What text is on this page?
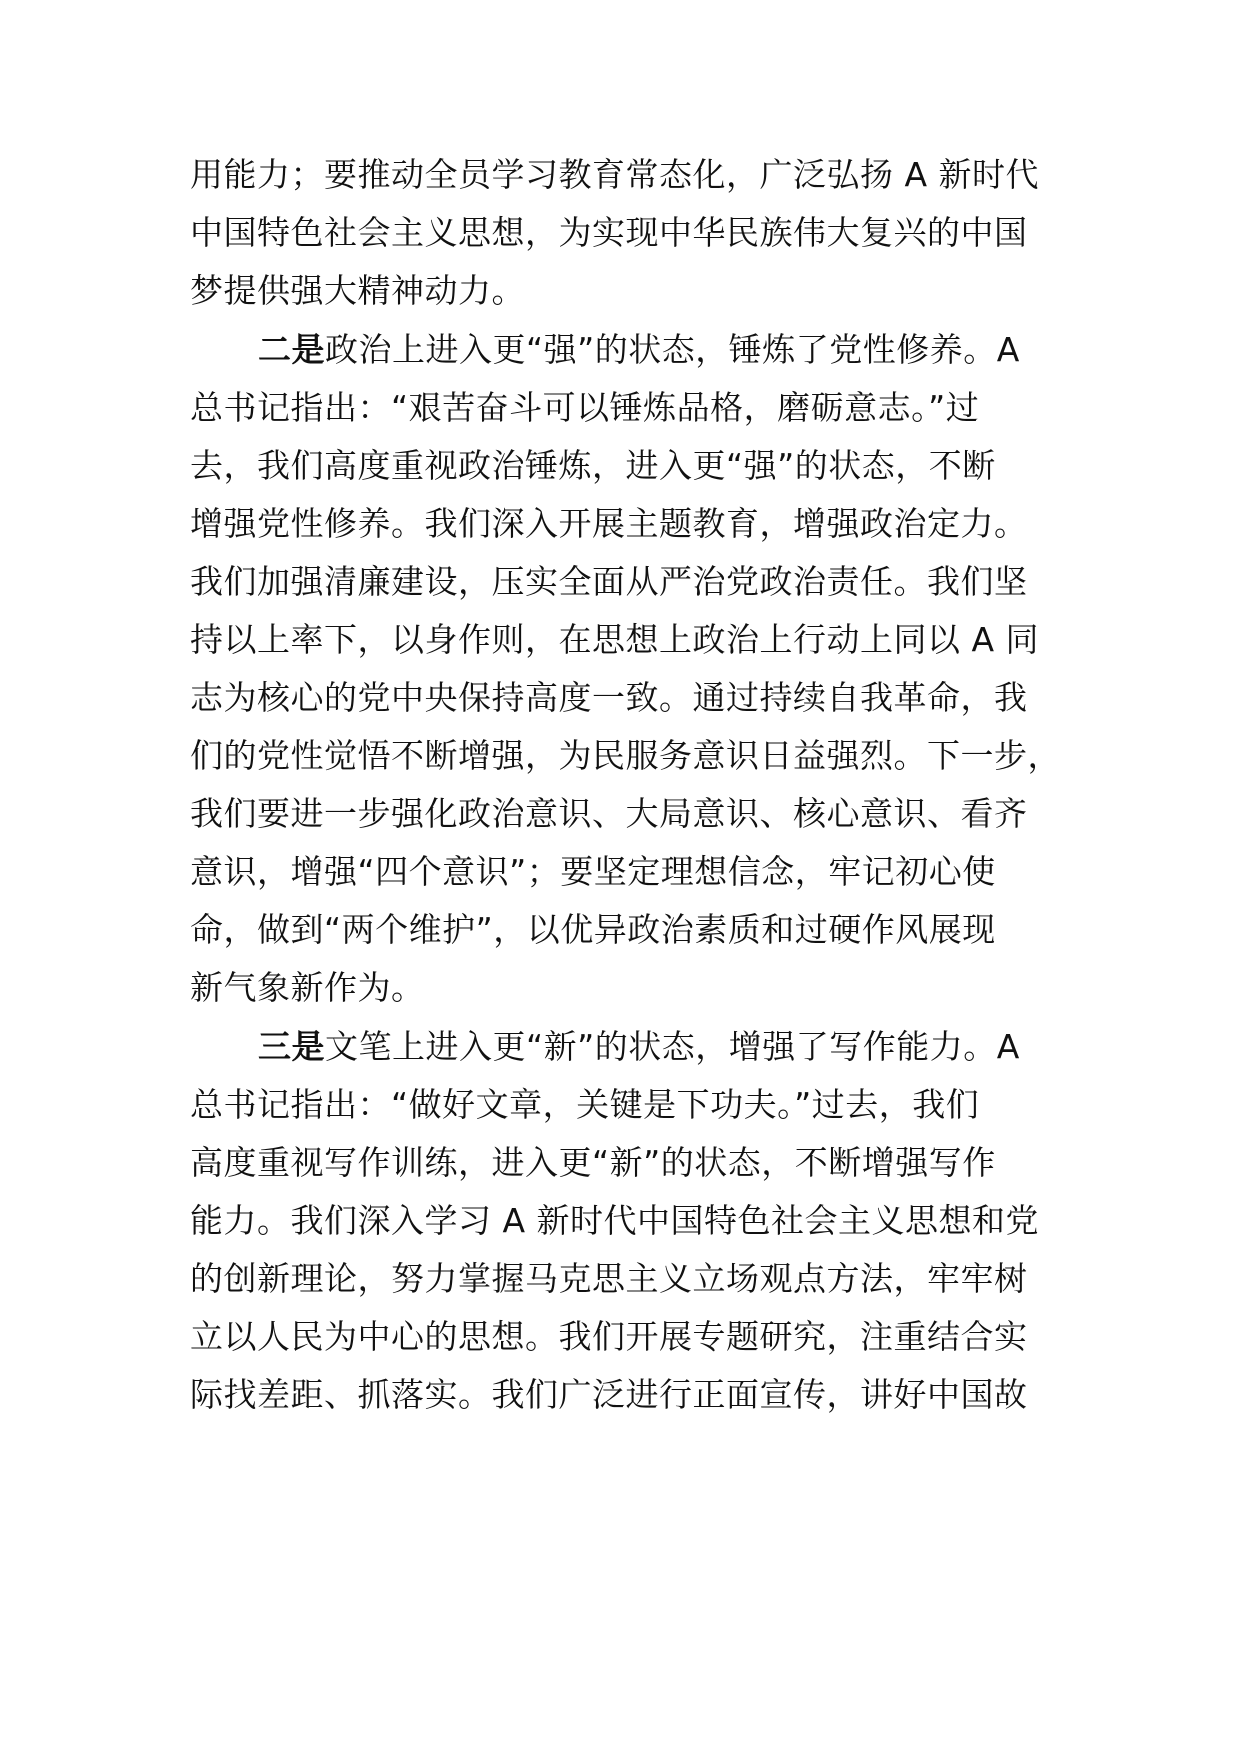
用能力；要推动全员学习教育常态化，广泛弘扬 A 新时代
中国特色社会主义思想，为实现中华民族伟大复兴的中国
梦提供强大精神动力。
二是政治上进入更“强”的状态，锤炼了党性修养。A
总书记指出：“艰苦奋斗可以锤炼品格，磨砺意志。”过
去，我们高度重视政治锤炼，进入更“强”的状态，不断
增强党性修养。我们深入开展主题教育，增强政治定力。
我们加强清廉建设，压实全面从严治党政治责任。我们坚
持以上率下，以身作则，在思想上政治上行动上同以 A 同
志为核心的党中央保持高度一致。通过持续自我革命，我
们的党性觉悟不断增强，为民服务意识日益强烈。下一步，
我们要进一步强化政治意识、大局意识、核心意识、看齐
意识，增强“四个意识”；要坚定理想信念，牢记初心使
命，做到“两个维护”，以优异政治素质和过硬作风展现
新气象新作为。
三是文笔上进入更“新”的状态，增强了写作能力。A
总书记指出：“做好文章，关键是下功夫。”过去，我们
高度重视写作训练，进入更“新”的状态，不断增强写作
能力。我们深入学习 A 新时代中国特色社会主义思想和党
的创新理论，努力掌握马克思主义立场观点方法，牢牢树
立以人民为中心的思想。我们开展专题研究，注重结合实
际找差距、抓落实。我们广泛进行正面宣传，讲好中国故
